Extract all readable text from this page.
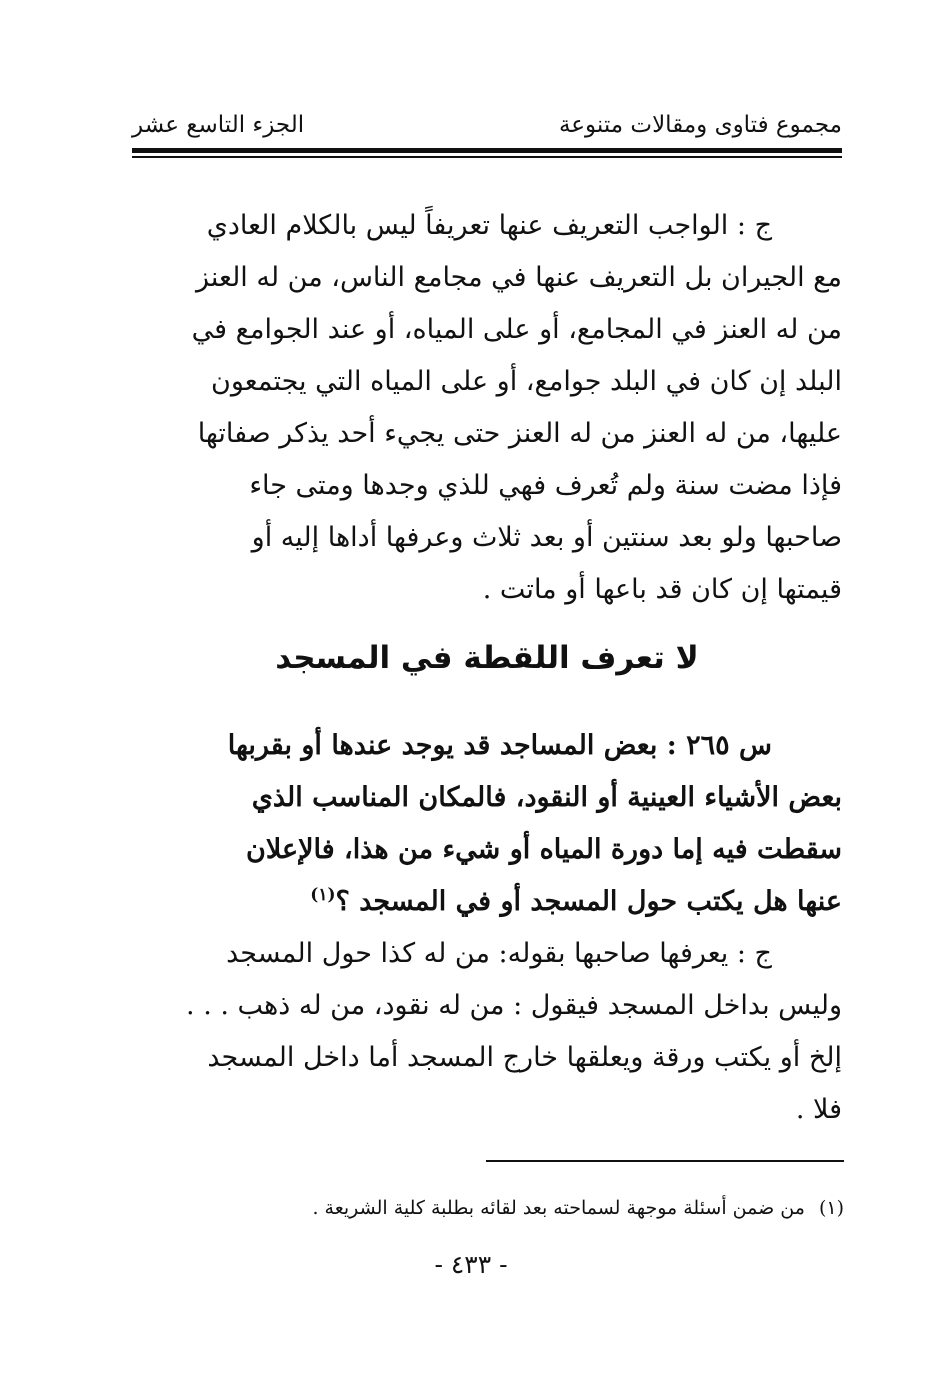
مجموع فتاوى ومقالات متنوعة
الجزء التاسع عشر
ج : الواجب التعريف عنها تعريفاً ليس بالكلام العادي
مع الجيران بل التعريف عنها في مجامع الناس، من له العنز
من له العنز في المجامع، أو على المياه، أو عند الجوامع في
البلد إن كان في البلد جوامع، أو على المياه التي يجتمعون
عليها، من له العنز من له العنز حتى يجيء أحد يذكر صفاتها
فإذا مضت سنة ولم تُعرف فهي للذي وجدها ومتى جاء
صاحبها ولو بعد سنتين أو بعد ثلاث وعرفها أداها إليه أو
قيمتها إن كان قد باعها أو ماتت .
لا تعرف اللقطة في المسجد
س ٢٦٥ : بعض المساجد قد يوجد عندها أو بقربها
بعض الأشياء العينية أو النقود، فالمكان المناسب الذي
سقطت فيه إما دورة المياه أو شيء من هذا، فالإعلان
عنها هل يكتب حول المسجد أو في المسجد ؟$^{(١)}$
ج : يعرفها صاحبها بقوله: من له كذا حول المسجد
وليس بداخل المسجد فيقول : من له نقود، من له ذهب . . .
إلخ أو يكتب ورقة ويعلقها خارج المسجد أما داخل المسجد
فلا .
(١)من ضمن أسئلة موجهة لسماحته بعد لقائه بطلبة كلية الشريعة .
- ٤٣٣ -
